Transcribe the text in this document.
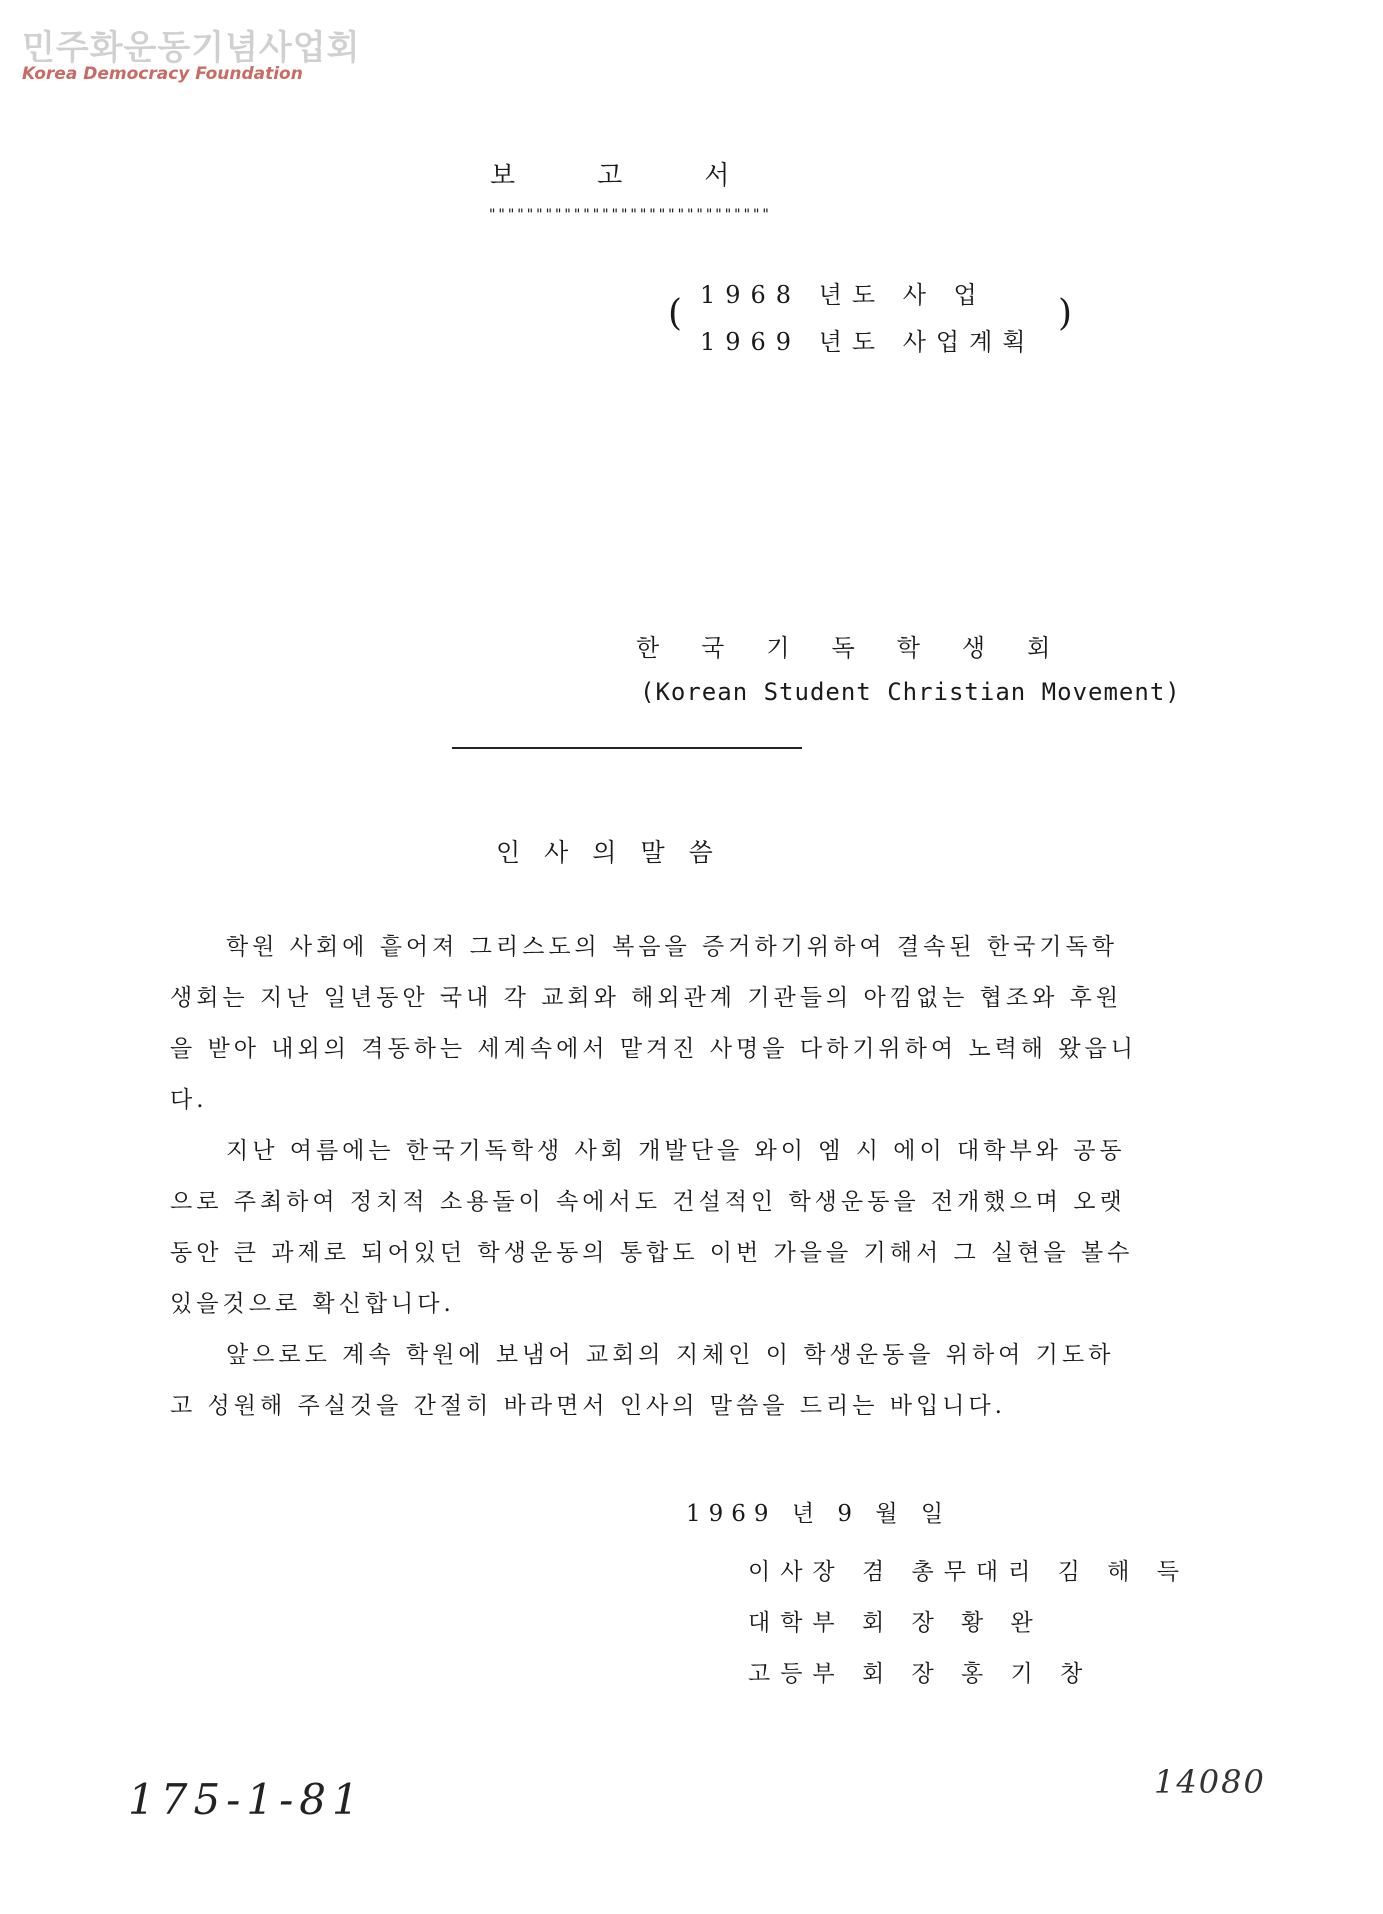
민주화운동기념사업회
Korea Democracy Foundation
보고서
""""""""""""""""""""""""""""""
( 1968 년도 사 업
1969 년도 사업계획
)
한국기독학생회
(Korean Student Christian Movement)
인사의말씀

학원 사회에 흩어져 그리스도의 복음을 증거하기위하여 결속된 한국기독학생회는 지난 일년동안 국내 각 교회와 해외관계 기관들의 아낌없는 협조와 후원을 받아 내외의 격동하는 세계속에서 맡겨진 사명을 다하기위하여 노력해 왔읍니다.

지난 여름에는 한국기독학생 사회 개발단을 와이 엠 시 에이 대학부와 공동으로 주최하여 정치적 소용돌이 속에서도 건설적인 학생운동을 전개했으며 오랫동안 큰 과제로 되어있던 학생운동의 통합도 이번 가을을 기해서 그 실현을 볼수있을것으로 확신합니다.

앞으로도 계속 학원에 보냄어 교회의 지체인 이 학생운동을 위하여 기도하고 성원해 주실것을 간절히 바라면서 인사의 말씀을 드리는 바입니다.

1969 년 9 월 일
이사장 겸 총무대리 김 해 득
대학부 회 장 황 완
고등부 회 장 홍 기 창
175-1-81	14080
